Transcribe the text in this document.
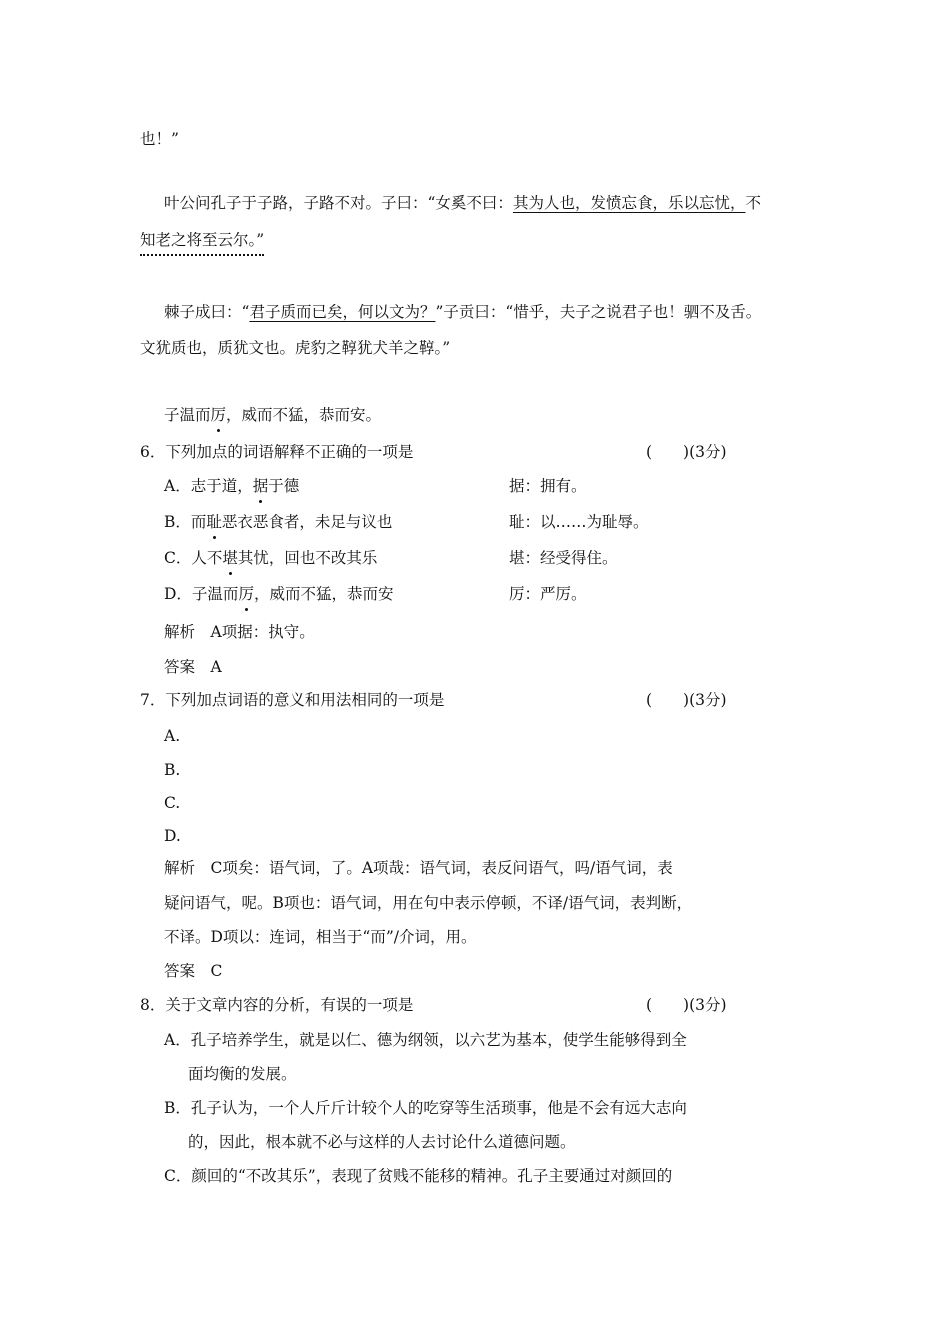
也！”
叶公问孔子于子路，子路不对。子曰：“女奚不曰：其为人也，发愤忘食，乐以忘忧，不
知老之将至云尔。”
棘子成曰：“君子质而已矣，何以文为？”子贡曰：“惜乎，夫子之说君子也！驷不及舌。
文犹质也，质犹文也。虎豹之鞟犹犬羊之鞟。”
子温而厉，威而不猛，恭而安。
6．下列加点的词语解释不正确的一项是	(　　)(3分)
A．志于道，据于德	据：拥有。
B．而耻恶衣恶食者，未足与议也	耻：以……为耻辱。
C．人不堪其忧，回也不改其乐	堪：经受得住。
D．子温而厉，威而不猛，恭而安	厉：严厉。
解析　A项据：执守。
答案　A
7．下列加点词语的意义和用法相同的一项是	(　　)(3分)
A.
B.
C.
D.
解析　C项矣：语气词，了。A项哉：语气词，表反问语气，吗/语气词，表
疑问语气，呢。B项也：语气词，用在句中表示停顿，不译/语气词，表判断，
不译。D项以：连词，相当于“而”/介词，用。
答案　C
8．关于文章内容的分析，有误的一项是	(　　)(3分)
A．孔子培养学生，就是以仁、德为纲领，以六艺为基本，使学生能够得到全
面均衡的发展。
B．孔子认为，一个人斤斤计较个人的吃穿等生活琐事，他是不会有远大志向
的，因此，根本就不必与这样的人去讨论什么道德问题。
C．颜回的“不改其乐”，表现了贫贱不能移的精神。孔子主要通过对颜回的
